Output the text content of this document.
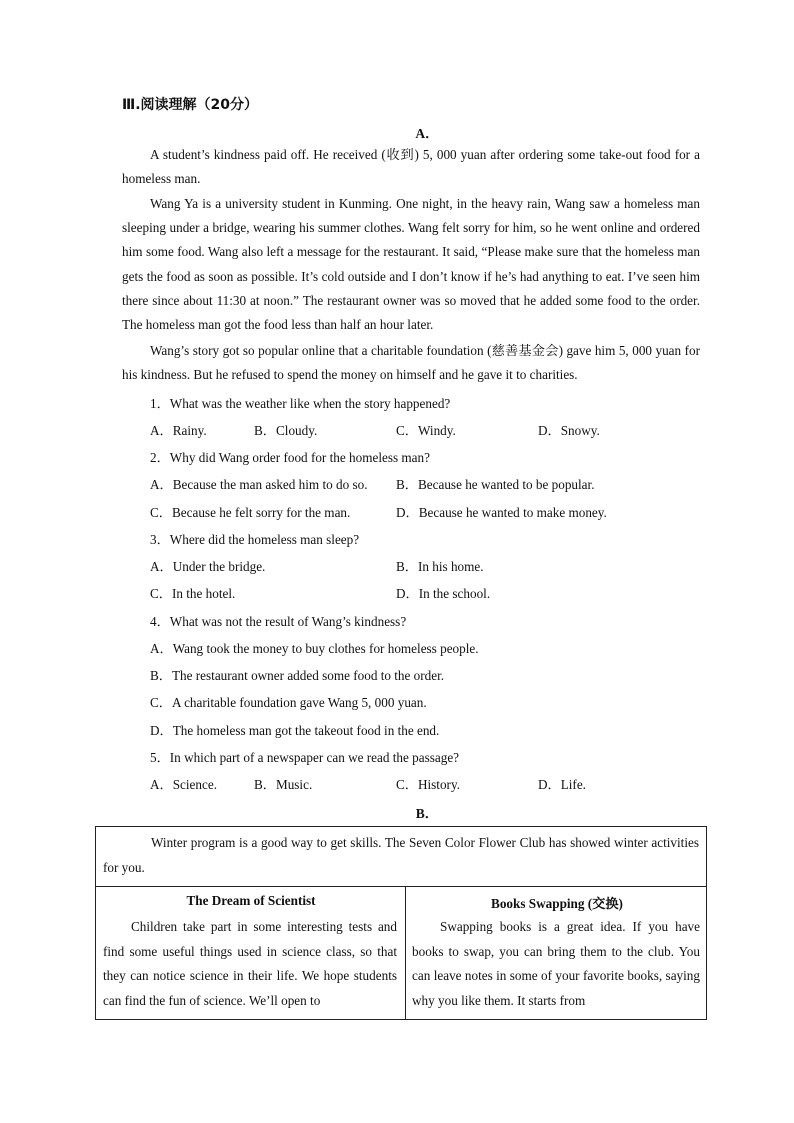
Ⅲ.阅读理解（20分）
A．

A student’s kindness paid off. He received (收到) 5, 000 yuan after ordering some take-out food for a homeless man.

Wang Ya is a university student in Kunming. One night, in the heavy rain, Wang saw a homeless man sleeping under a bridge, wearing his summer clothes. Wang felt sorry for him, so he went online and ordered him some food. Wang also left a message for the restaurant. It said, “Please make sure that the homeless man gets the food as soon as possible. It’s cold outside and I don’t know if he’s had anything to eat. I’ve seen him there since about 11:30 at noon.” The restaurant owner was so moved that he added some food to the order. The homeless man got the food less than half an hour later.

Wang’s story got so popular online that a charitable foundation (慈善基金会) gave him 5, 000 yuan for his kindness. But he refused to spend the money on himself and he gave it to charities.

1．What was the weather like when the story happened?
A．Rainy.	B．Cloudy.	C．Windy.	D．Snowy.
2．Why did Wang order food for the homeless man?
A．Because the man asked him to do so. B．Because he wanted to be popular.
C．Because he felt sorry for the man.	D．Because he wanted to make money.
3．Where did the homeless man sleep?
A．Under the bridge.	B．In his home.
C．In the hotel.	D．In the school.
4．What was not the result of Wang’s kindness?
A．Wang took the money to buy clothes for homeless people.
B．The restaurant owner added some food to the order.
C．A charitable foundation gave Wang 5, 000 yuan.
D．The homeless man got the takeout food in the end.
5．In which part of a newspaper can we read the passage?
A．Science.	B．Music.	C．History.	D．Life.
B．

Winter program is a good way to get skills. The Seven Color Flower Club has showed winter activities for you.

The Dream of Scientist

Children take part in some interesting tests and find some useful things used in science class, so that they can notice science in their life. We hope students can find the fun of science. We’ll open to

Books Swapping (交换)

Swapping books is a great idea. If you have books to swap, you can bring them to the club. You can leave notes in some of your favorite books, saying why you like them. It starts from
